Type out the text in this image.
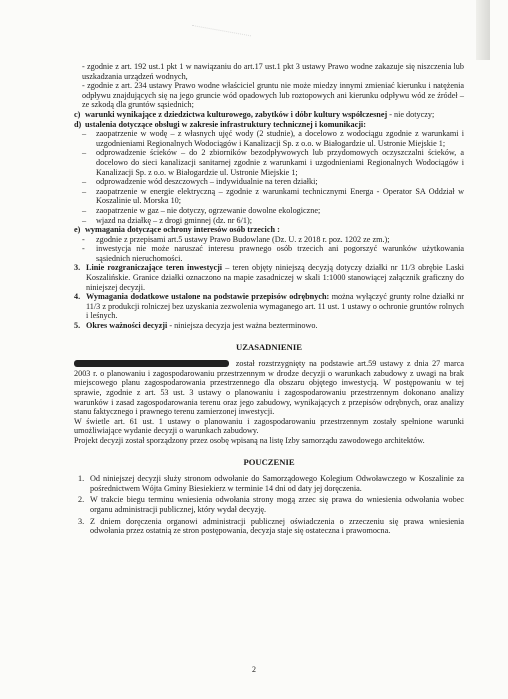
- zgodnie z art. 192 ust.1 pkt 1 w nawiązaniu do art.17 ust.1 pkt 3 ustawy Prawo wodne zakazuje się niszczenia lub uszkadzania urządzeń wodnych,

- zgodnie z art. 234 ustawy Prawo wodne właściciel gruntu nie może miedzy innymi zmieniać kierunku i natężenia odpływu znajdujących się na jego gruncie wód opadowych lub roztopowych ani kierunku odpływu wód ze źródeł – ze szkodą dla gruntów sąsiednich;

c) warunki wynikające z dziedzictwa kulturowego, zabytków i dóbr kultury współczesnej - nie dotyczy;
d) ustalenia dotyczące obsługi w zakresie infrastruktury technicznej i komunikacji:
– zaopatrzenie w wodę – z własnych ujęć wody (2 studnie), a docelowo z wodociągu zgodnie z warunkami i uzgodnieniami Regionalnych Wodociągów i Kanalizacji Sp. z o.o. w Białogardzie ul. Ustronie Miejskie 1;
– odprowadzenie ścieków – do 2 zbiorników bezodpływowych lub przydomowych oczyszczalni ścieków, a docelowo do sieci kanalizacji sanitarnej zgodnie z warunkami i uzgodnieniami Regionalnych Wodociągów i Kanalizacji Sp. z o.o. w Białogardzie ul. Ustronie Miejskie 1;
– odprowadzenie wód deszczowych – indywidualnie na teren działki;
– zaopatrzenie w energie elektryczną – zgodnie z warunkami technicznymi Energa - Operator SA Oddział w Koszalinie ul. Morska 10;
– zaopatrzenie w gaz – nie dotyczy, ogrzewanie dowolne ekologiczne;
– wjazd na działkę – z drogi gminnej (dz. nr 6/1);
e) wymagania dotyczące ochrony interesów osób trzecich :
- zgodnie z przepisami art.5 ustawy Prawo Budowlane (Dz. U. z 2018 r. poz. 1202 ze zm.);
- inwestycja nie może naruszać interesu prawnego osób trzecich ani pogorszyć warunków użytkowania sąsiednich nieruchomości.
3. Linie rozgraniczające teren inwestycji – teren objęty niniejszą decyzją dotyczy działki nr 11/3 obrębie Laski Koszalińskie. Granice działki oznaczono na mapie zasadniczej w skali 1:1000 stanowiącej załącznik graficzny do niniejszej decyzji.
4. Wymagania dodatkowe ustalone na podstawie przepisów odrębnych: można wyłączyć grunty rolne działki nr 11/3 z produkcji rolniczej bez uzyskania zezwolenia wymaganego art. 11 ust. 1 ustawy o ochronie gruntów rolnych i leśnych.
5. Okres ważności decyzji - niniejsza decyzja jest ważna bezterminowo.
UZASADNIENIE

został rozstrzygnięty na podstawie art.59 ustawy z dnia 27 marca 2003 r. o planowaniu i zagospodarowaniu przestrzennym w drodze decyzji o warunkach zabudowy z uwagi na brak miejscowego planu zagospodarowania przestrzennego dla obszaru objętego inwestycją. W postępowaniu w tej sprawie, zgodnie z art. 53 ust. 3 ustawy o planowaniu i zagospodarowaniu przestrzennym dokonano analizy warunków i zasad zagospodarowania terenu oraz jego zabudowy, wynikających z przepisów odrębnych, oraz analizy stanu faktycznego i prawnego terenu zamierzonej inwestycji.

W świetle art. 61 ust. 1 ustawy o planowaniu i zagospodarowaniu przestrzennym zostały spełnione warunki umożliwiające wydanie decyzji o warunkach zabudowy.

Projekt decyzji został sporządzony przez osobę wpisaną na listę Izby samorządu zawodowego architektów.

POUCZENIE
1. Od niniejszej decyzji służy stronom odwołanie do Samorządowego Kolegium Odwoławczego w Koszalinie za pośrednictwem Wójta Gminy Biesiekierz w terminie 14 dni od daty jej doręczenia.
2. W trakcie biegu terminu wniesienia odwołania strony mogą zrzec się prawa do wniesienia odwołania wobec organu administracji publicznej, który wydał decyzję.
3. Z dniem doręczenia organowi administracji publicznej oświadczenia o zrzeczeniu się prawa wniesienia odwołania przez ostatnią ze stron postępowania, decyzja staje się ostateczna i prawomocna.
2
